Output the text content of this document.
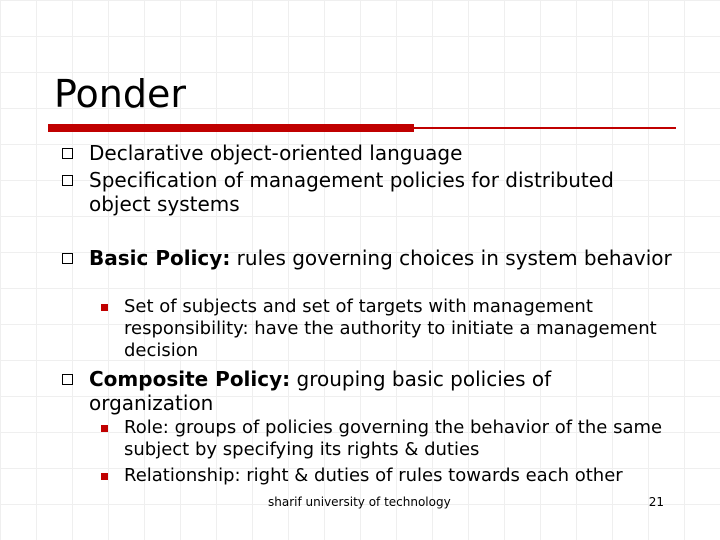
Ponder
Declarative object-oriented language
Specification of management policies for distributed object systems
Basic Policy: rules governing choices in system behavior
Set of subjects and set of targets with management responsibility: have the authority to initiate a management decision
Composite Policy: grouping basic policies of organization
Role: groups of policies governing the behavior of the same subject by specifying its rights & duties
Relationship: right & duties of rules towards each other
sharif university of technology	21
